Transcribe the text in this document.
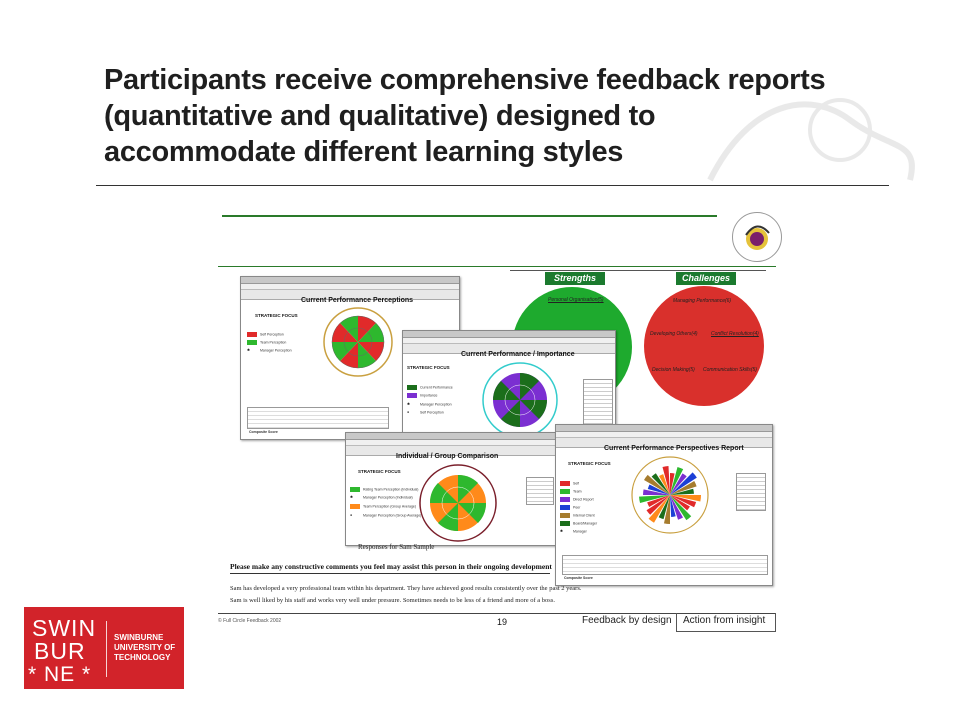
Participants receive comprehensive feedback reports
(quantitative and qualitative) designed to
accommodate different learning styles
Strengths	Challenges
Personal Organisation(5)	Managing Performance(6)
Developing Others(4)	Conflict Resolution(4)
Decision Making(5) Communication Skills(5)
Current Performance Perceptions
STRATEGIC FOCUS
Self Perception
Team Perception
✱	Manager Perception
Composite Score
Current Performance / Importance
STRATEGIC FOCUS
Current Performance
Importance
✱	Manager Perception
●	Self Perception
Individual / Group Comparison
STRATEGIC FOCUS
Rating Team Perception (Individual)
✱	Manager Perception (Individual)
Team Perception (Group Average)
●	Manager Perception (Group Average)
Current Performance Perspectives Report
STRATEGIC FOCUS
Self
Team
Direct Report
Peer
Internal Client
Board/Manager
✱	Manager
Composite Score
Responses for Sam Sample
Please make any constructive comments you feel may assist this person in their ongoing development
Sam has developed a very professional team within his department. They have achieved good results consistently over the past 2 years.
Sam is well liked by his staff and works very well under pressure. Sometimes needs to be less of a friend and more of a boss.
© Full Circle Feedback 2002	19	Feedback by design Action from insight
SWIN
BUR
* NE *
SWINBURNE
UNIVERSITY OF
TECHNOLOGY
